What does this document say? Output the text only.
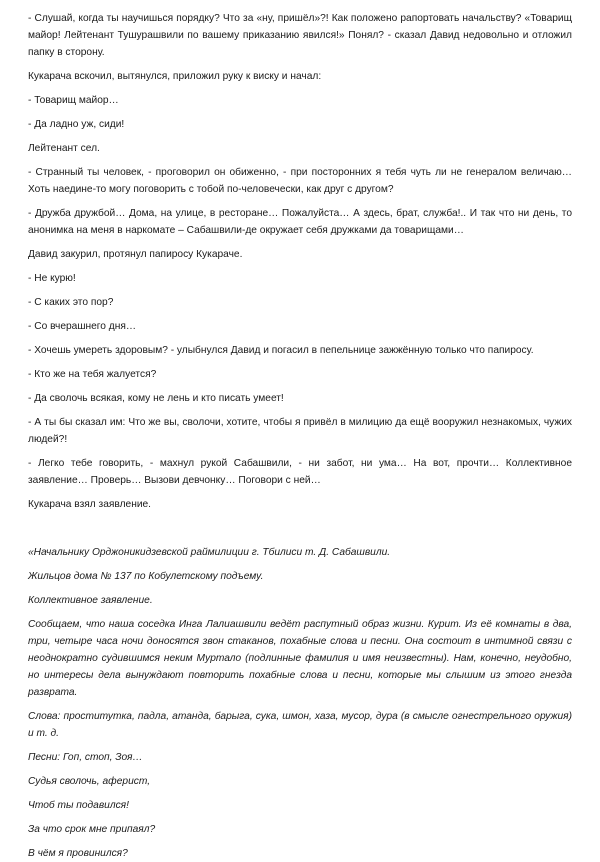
- Слушай, когда ты научишься порядку? Что за «ну, пришёл»?! Как положено рапортовать начальству? «Товарищ майор! Лейтенант Тушурашвили по вашему приказанию явился!» Понял? - сказал Давид недовольно и отложил папку в сторону.

Кукарача вскочил, вытянулся, приложил руку к виску и начал:

- Товарищ майор…

- Да ладно уж, сиди!

Лейтенант сел.

- Странный ты человек, - проговорил он обиженно, - при посторонних я тебя чуть ли не генералом величаю… Хоть наедине-то могу поговорить с тобой по-человечески, как друг с другом?

- Дружба дружбой… Дома, на улице, в ресторане… Пожалуйста… А здесь, брат, служба!.. И так что ни день, то анонимка на меня в наркомате – Сабашвили-де окружает себя дружками да товарищами…

Давид закурил, протянул папиросу Кукараче.

- Не курю!

- С каких это пор?

- Со вчерашнего дня…

- Хочешь умереть здоровым? - улыбнулся Давид и погасил в пепельнице зажжённую только что папиросу.

- Кто же на тебя жалуется?

- Да сволочь всякая, кому не лень и кто писать умеет!

- А ты бы сказал им: Что же вы, сволочи, хотите, чтобы я привёл в милицию да ещё вооружил незнакомых, чужих людей?!

- Легко тебе говорить, - махнул рукой Сабашвили, - ни забот, ни ума… На вот, прочти… Коллективное заявление… Проверь… Вызови девчонку… Поговори с ней…

Кукарача взял заявление.

«Начальнику Орджоникидзевской раймилиции г. Тбилиси т. Д. Сабашвили.

Жильцов дома № 137 по Кобулетскому подъему.

Коллективное заявление.

Сообщаем, что наша соседка Инга Лалиашвили ведёт распутный образ жизни. Курит. Из её комнаты в два, три, четыре часа ночи доносятся звон стаканов, похабные слова и песни. Она состоит в интимной связи с неоднократно судившимся неким Муртало (подлинные фамилия и имя неизвестны). Нам, конечно, неудобно, но интересы дела вынуждают повторить похабные слова и песни, которые мы слышим из этого гнезда разврата.

Слова: проститутка, падла, атанда, барыга, сука, шмон, хаза, мусор, дура (в смысле огнестрельного оружия) и т. д.

Песни: Гоп, стоп, Зоя…

Судья сволочь, аферист,

Чтоб ты подавился!

За что срок мне припаял?

В чём я провинился?
